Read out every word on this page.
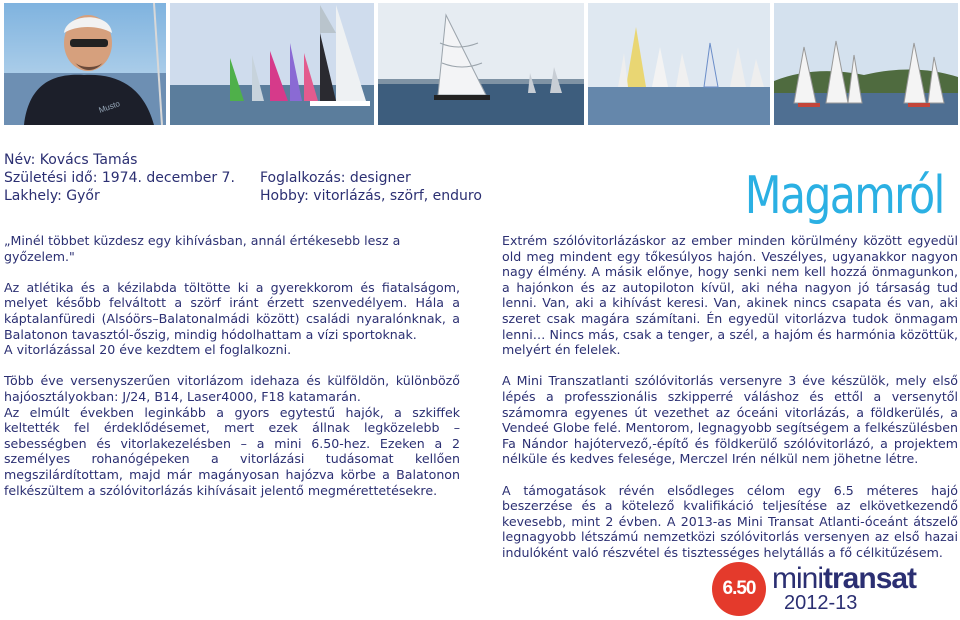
Musto
Név: Kovács Tamás
Születési idő: 1974. december 7.
Lakhely: Győr
Foglalkozás: designer
Hobby: vitorlázás, szörf, enduro	Magamról

„Minél többet küzdesz egy kihívásban, annál értékesebb lesz a győzelem."

Az atlétika és a kézilabda töltötte ki a gyerekkorom és fiatalságom, melyet később felváltott a szörf iránt érzett szenvedélyem. Hála a káptalanfüredi (Alsóörs–Balatonalmádi között) családi nyaralónknak, a Balatonon tavasztól-őszig, mindig hódolhattam a vízi sportoknak.

A vitorlázással 20 éve kezdtem el foglalkozni.

Több éve versenyszerűen vitorlázom idehaza és külföldön, különböző hajóosztályokban: J/24, B14, Laser4000, F18 katamarán.

Az elmúlt években leginkább a gyors egytestű hajók, a szkiffek keltették fel érdeklődésemet, mert ezek állnak legközelebb – sebességben és vitorlakezelésben – a mini 6.50-hez. Ezeken a 2 személyes rohanógépeken a vitorlázási tudásomat kellően megszilárdítottam, majd már magányosan hajózva körbe a Balatonon felkészültem a szólóvitorlázás kihívásait jelentő megmérettetésekre.

Extrém szólóvitorlázáskor az ember minden körülmény között egyedül old meg mindent egy tőkesúlyos hajón. Veszélyes, ugyanakkor nagyon nagy élmény. A másik előnye, hogy senki nem kell hozzá önmagunkon, a hajónkon és az autopiloton kívül, aki néha nagyon jó társaság tud lenni. Van, aki a kihívást keresi. Van, akinek nincs csapata és van, aki szeret csak magára számítani. Én egyedül vitorlázva tudok önmagam lenni… Nincs más, csak a tenger, a szél, a hajóm és harmónia közöttük, melyért én felelek.

A Mini Transzatlanti szólóvitorlás versenyre 3 éve készülök, mely első lépés a professzionális szkipperré váláshoz és ettől a versenytől számomra egyenes út vezethet az óceáni vitorlázás, a földkerülés, a Vendeé Globe felé. Mentorom, legnagyobb segítségem a felkészülésben Fa Nándor hajótervező,-építő és földkerülő szólóvitorlázó, a projektem nélküle és kedves felesége, Merczel Irén nélkül nem jöhetne létre.

A támogatások révén elsődleges célom egy 6.5 méteres hajó beszerzése és a kötelező kvalifikáció teljesítése az elkövetkezendő kevesebb, mint 2 évben. A 2013-as Mini Transat Atlanti-óceánt átszelő legnagyobb létszámú nemzetközi szólóvitorlás versenyen az első hazai indulóként való részvétel és tisztességes helytállás a fő célkitűzésem.

6.50 minitransat
2012-13
